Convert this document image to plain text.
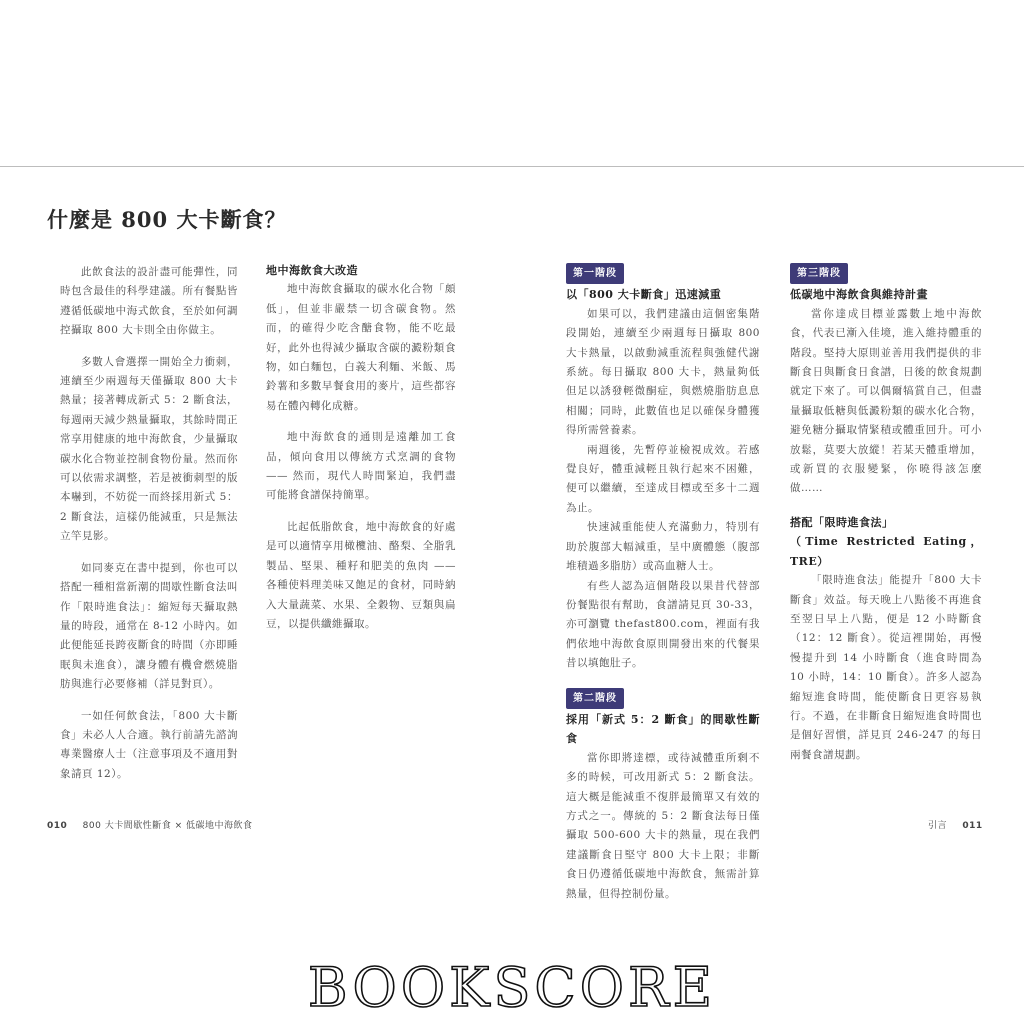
什麼是 800 大卡斷食？

此飲食法的設計盡可能彈性，同時包含最佳的科學建議。所有餐點皆遵循低碳地中海式飲食，至於如何調控攝取 800 大卡則全由你做主。

多數人會選擇一開始全力衝刺，連續至少兩週每天僅攝取 800 大卡熱量；接著轉成新式 5：2 斷食法，每週兩天減少熱量攝取，其餘時間正常享用健康的地中海飲食，少量攝取碳水化合物並控制食物份量。然而你可以依需求調整，若是被衝刺型的版本嚇到，不妨從一而終採用新式 5：2 斷食法，這樣仍能減重，只是無法立竿見影。

如同麥克在書中提到，你也可以搭配一種相當新潮的間歇性斷食法叫作「限時進食法」：縮短每天攝取熱量的時段，通常在 8-12 小時內。如此便能延長跨夜斷食的時間（亦即睡眠與未進食），讓身體有機會燃燒脂肪與進行必要修補（詳見對頁）。

一如任何飲食法，「800 大卡斷食」未必人人合適。執行前請先諮詢專業醫療人士（注意事項及不適用對象請頁 12）。

地中海飲食大改造

地中海飲食攝取的碳水化合物「頗低」，但並非嚴禁一切含碳食物。然而，的確得少吃含醣食物，能不吃最好，此外也得減少攝取含碳的澱粉類食物，如白麵包，白義大利麵、米飯、馬鈴薯和多數早餐食用的麥片，這些都容易在體內轉化成糖。

地中海飲食的通則是遠離加工食品，傾向食用以傳統方式烹調的食物 —— 然而，現代人時間緊迫，我們盡可能將食譜保持簡單。

比起低脂飲食，地中海飲食的好處是可以適情享用橄欖油、酪梨、全脂乳製品、堅果、種籽和肥美的魚肉 —— 各種使料理美味又飽足的食材，同時納入大量蔬菜、水果、全穀物、豆類與扁豆，以提供纖維攝取。

第一階段
以「800 大卡斷食」迅速減重

如果可以，我們建議由這個密集階段開始，連續至少兩週每日攝取 800 大卡熱量，以啟動減重流程與強健代謝系統。每日攝取 800 大卡，熱量夠低但足以誘發輕微酮症，與燃燒脂肪息息相關；同時，此數值也足以確保身體獲得所需營養素。

兩週後，先暫停並檢視成效。若感覺良好，體重減輕且執行起來不困難，便可以繼續，至達成目標或至多十二週為止。

快速減重能使人充滿動力，特別有助於腹部大幅減重，呈中廣體態（腹部堆積過多脂肪）或高血糖人士。

有些人認為這個階段以果昔代替部份餐點很有幫助，食譜請見頁 30-33，亦可瀏覽 thefast800.com，裡面有我們依地中海飲食原則開發出來的代餐果昔以填飽肚子。

第二階段
採用「新式 5：2 斷食」的間歇性斷食

當你即將達標，或待減體重所剩不多的時候，可改用新式 5：2 斷食法。這大概是能減重不復胖最簡單又有效的方式之一。傳統的 5：2 斷食法每日僅攝取 500-600 大卡的熱量，現在我們建議斷食日堅守 800 大卡上限；非斷食日仍遵循低碳地中海飲食，無需計算熱量，但得控制份量。

第三階段
低碳地中海飲食與維持計畫

當你達成目標並露數上地中海飲食，代表已漸入佳境，進入維持體重的階段。堅持大原則並善用我們提供的非斷食日與斷食日食譜，日後的飲食規劃就定下來了。可以偶爾犒賞自己，但盡量攝取低糖與低澱粉類的碳水化合物，避免糖分攝取情緊積或體重回升。可小放鬆，莫要大放縱！若某天體重增加，或新買的衣服變緊，你曉得該怎麼做……

搭配「限時進食法」
（Time Restricted Eating，TRE）

「限時進食法」能提升「800 大卡斷食」效益。每天晚上八點後不再進食至翌日早上八點，便是 12 小時斷食（12：12 斷食）。從這裡開始，再慢慢提升到 14 小時斷食（進食時間為 10 小時，14：10 斷食）。許多人認為縮短進食時間，能使斷食日更容易執行。不過，在非斷食日縮短進食時間也是個好習慣，詳見頁 246-247 的每日兩餐食譜規劃。

010 800 大卡間歇性斷食 × 低碳地中海飲食	引言 011
BOOKSCORE
